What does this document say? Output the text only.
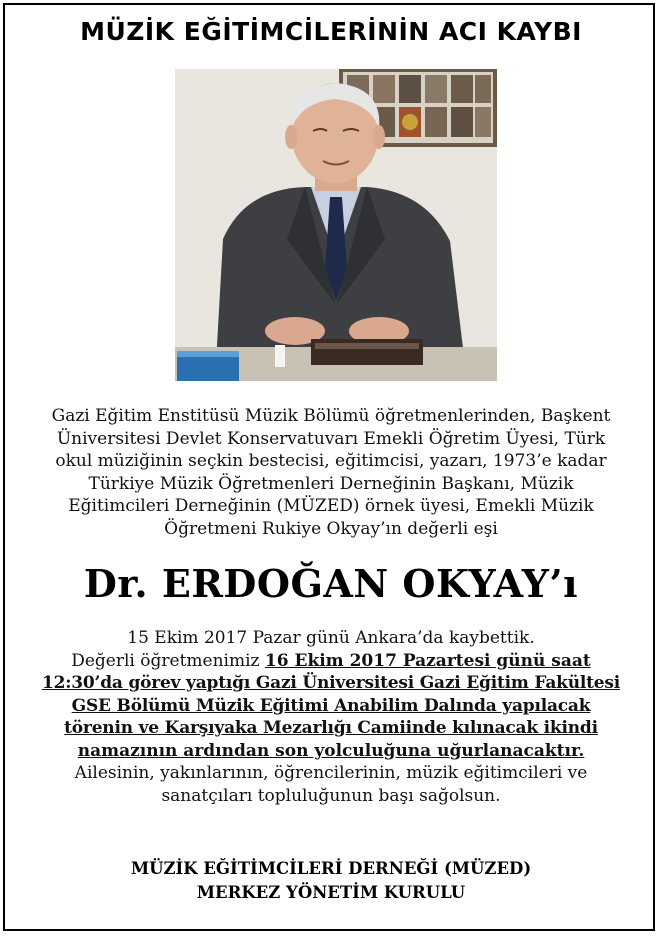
MÜZİK EĞİTİMCİLERİNİN ACI KAYBI
Gazi Eğitim Enstitüsü Müzik Bölümü öğretmenlerinden, Başkent
Üniversitesi Devlet Konservatuvarı Emekli Öğretim Üyesi, Türk
okul müziğinin seçkin bestecisi, eğitimcisi, yazarı, 1973’e kadar
Türkiye Müzik Öğretmenleri Derneğinin Başkanı, Müzik
Eğitimcileri Derneğinin (MÜZED) örnek üyesi, Emekli Müzik
Öğretmeni Rukiye Okyay’ın değerli eşi
Dr. ERDOĞAN OKYAY’ı
15 Ekim 2017 Pazar günü Ankara’da kaybettik.
Değerli öğretmenimiz 16 Ekim 2017 Pazartesi günü saat
12:30’da görev yaptığı Gazi Üniversitesi Gazi Eğitim Fakültesi
GSE Bölümü Müzik Eğitimi Anabilim Dalında yapılacak
törenin ve Karşıyaka Mezarlığı Camiinde kılınacak ikindi
namazının ardından son yolculuğuna uğurlanacaktır.
Ailesinin, yakınlarının, öğrencilerinin, müzik eğitimcileri ve
sanatçıları topluluğunun başı sağolsun.
MÜZİK EĞİTİMCİLERİ DERNEĞİ (MÜZED)
MERKEZ YÖNETİM KURULU
